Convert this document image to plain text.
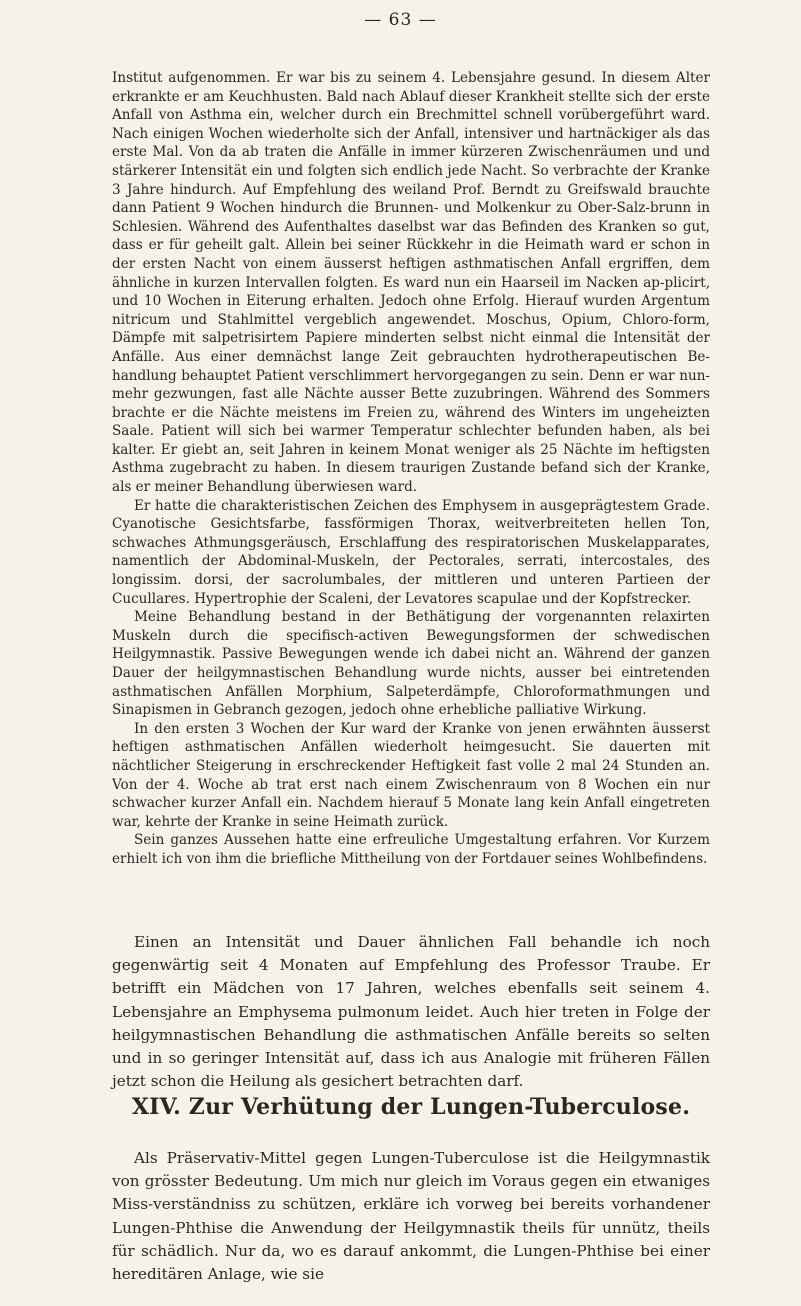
— 63 —

Institut aufgenommen. Er war bis zu seinem 4. Lebensjahre gesund. In diesem Alter erkrankte er am Keuchhusten. Bald nach Ablauf dieser Krankheit stellte sich der erste Anfall von Asthma ein, welcher durch ein Brechmittel schnell vorübergeführt ward. Nach einigen Wochen wiederholte sich der Anfall, intensiver und hartnäckiger als das erste Mal. Von da ab traten die Anfälle in immer kürzeren Zwischenräumen und und stärkerer Intensität ein und folgten sich endlich jede Nacht. So verbrachte der Kranke 3 Jahre hindurch. Auf Empfehlung des weiland Prof. Berndt zu Greifswald brauchte dann Patient 9 Wochen hindurch die Brunnen- und Molkenkur zu Ober-Salz-brunn in Schlesien. Während des Aufenthaltes daselbst war das Befinden des Kranken so gut, dass er für geheilt galt. Allein bei seiner Rückkehr in die Heimath ward er schon in der ersten Nacht von einem äusserst heftigen asthmatischen Anfall ergriffen, dem ähnliche in kurzen Intervallen folgten. Es ward nun ein Haarseil im Nacken ap-plicirt, und 10 Wochen in Eiterung erhalten. Jedoch ohne Erfolg. Hierauf wurden Argentum nitricum und Stahlmittel vergeblich angewendet. Moschus, Opium, Chloro-form, Dämpfe mit salpetrisirtem Papiere minderten selbst nicht einmal die Intensität der Anfälle. Aus einer demnächst lange Zeit gebrauchten hydrotherapeutischen Be-handlung behauptet Patient verschlimmert hervorgegangen zu sein. Denn er war nun-mehr gezwungen, fast alle Nächte ausser Bette zuzubringen. Während des Sommers brachte er die Nächte meistens im Freien zu, während des Winters im ungeheizten Saale. Patient will sich bei warmer Temperatur schlechter befunden haben, als bei kalter. Er giebt an, seit Jahren in keinem Monat weniger als 25 Nächte im heftigsten Asthma zugebracht zu haben. In diesem traurigen Zustande befand sich der Kranke, als er meiner Behandlung überwiesen ward.

Er hatte die charakteristischen Zeichen des Emphysem in ausgeprägtestem Grade. Cyanotische Gesichtsfarbe, fassförmigen Thorax, weitverbreiteten hellen Ton, schwaches Athmungsgeräusch, Erschlaffung des respiratorischen Muskelapparates, namentlich der Abdominal-Muskeln, der Pectorales, serrati, intercostales, des longissim. dorsi, der sacrolumbales, der mittleren und unteren Partieen der Cucullares. Hypertrophie der Scaleni, der Levatores scapulae und der Kopfstrecker.

Meine Behandlung bestand in der Bethätigung der vorgenannten relaxirten Muskeln durch die specifisch-activen Bewegungsformen der schwedischen Heilgymnastik. Passive Bewegungen wende ich dabei nicht an. Während der ganzen Dauer der heilgymnastischen Behandlung wurde nichts, ausser bei eintretenden asthmatischen Anfällen Morphium, Salpeterdämpfe, Chloroformathmungen und Sinapismen in Gebranch gezogen, jedoch ohne erhebliche palliative Wirkung.

In den ersten 3 Wochen der Kur ward der Kranke von jenen erwähnten äusserst heftigen asthmatischen Anfällen wiederholt heimgesucht. Sie dauerten mit nächtlicher Steigerung in erschreckender Heftigkeit fast volle 2 mal 24 Stunden an. Von der 4. Woche ab trat erst nach einem Zwischenraum von 8 Wochen ein nur schwacher kurzer Anfall ein. Nachdem hierauf 5 Monate lang kein Anfall eingetreten war, kehrte der Kranke in seine Heimath zurück.

Sein ganzes Aussehen hatte eine erfreuliche Umgestaltung erfahren. Vor Kurzem erhielt ich von ihm die briefliche Mittheilung von der Fortdauer seines Wohlbefindens.

Einen an Intensität und Dauer ähnlichen Fall behandle ich noch gegenwärtig seit 4 Monaten auf Empfehlung des Professor Traube. Er betrifft ein Mädchen von 17 Jahren, welches ebenfalls seit seinem 4. Lebensjahre an Emphysema pulmonum leidet. Auch hier treten in Folge der heilgymnastischen Behandlung die asthmatischen Anfälle bereits so selten und in so geringer Intensität auf, dass ich aus Analogie mit früheren Fällen jetzt schon die Heilung als gesichert betrachten darf.

XIV. Zur Verhütung der Lungen-Tuberculose.

Als Präservativ-Mittel gegen Lungen-Tuberculose ist die Heilgymnastik von grösster Bedeutung. Um mich nur gleich im Voraus gegen ein etwaniges Miss-verständniss zu schützen, erkläre ich vorweg bei bereits vorhandener Lungen-Phthise die Anwendung der Heilgymnastik theils für unnütz, theils für schädlich. Nur da, wo es darauf ankommt, die Lungen-Phthise bei einer hereditären Anlage, wie sie
